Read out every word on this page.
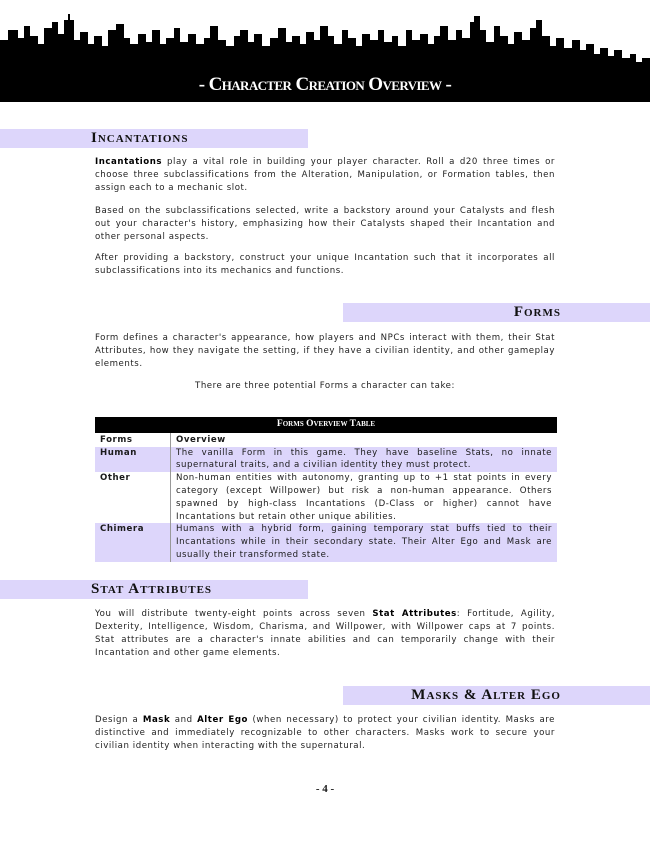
- Character Creation Overview -
Incantations
Incantations play a vital role in building your player character. Roll a d20 three times or choose three subclassifications from the Alteration, Manipulation, or Formation tables, then assign each to a mechanic slot.
Based on the subclassifications selected, write a backstory around your Catalysts and flesh out your character's history, emphasizing how their Catalysts shaped their Incantation and other personal aspects.
After providing a backstory, construct your unique Incantation such that it incorporates all subclassifications into its mechanics and functions.
Forms
Form defines a character's appearance, how players and NPCs interact with them, their Stat Attributes, how they navigate the setting, if they have a civilian identity, and other gameplay elements.
There are three potential Forms a character can take:
Forms Overview Table	
Forms	Overview
Human	The vanilla Form in this game. They have baseline Stats, no innate supernatural traits, and a civilian identity they must protect.
Other	Non-human entities with autonomy, granting up to +1 stat points in every category (except Willpower) but risk a non-human appearance. Others spawned by high-class Incantations (D-Class or higher) cannot have Incantations but retain other unique abilities.
Chimera	Humans with a hybrid form, gaining temporary stat buffs tied to their Incantations while in their secondary state. Their Alter Ego and Mask are usually their transformed state.
Stat Attributes
You will distribute twenty-eight points across seven Stat Attributes: Fortitude, Agility, Dexterity, Intelligence, Wisdom, Charisma, and Willpower, with Willpower caps at 7 points. Stat attributes are a character's innate abilities and can temporarily change with their Incantation and other game elements.
Masks & Alter Ego
Design a Mask and Alter Ego (when necessary) to protect your civilian identity. Masks are distinctive and immediately recognizable to other characters. Masks work to secure your civilian identity when interacting with the supernatural.
- 4 -
